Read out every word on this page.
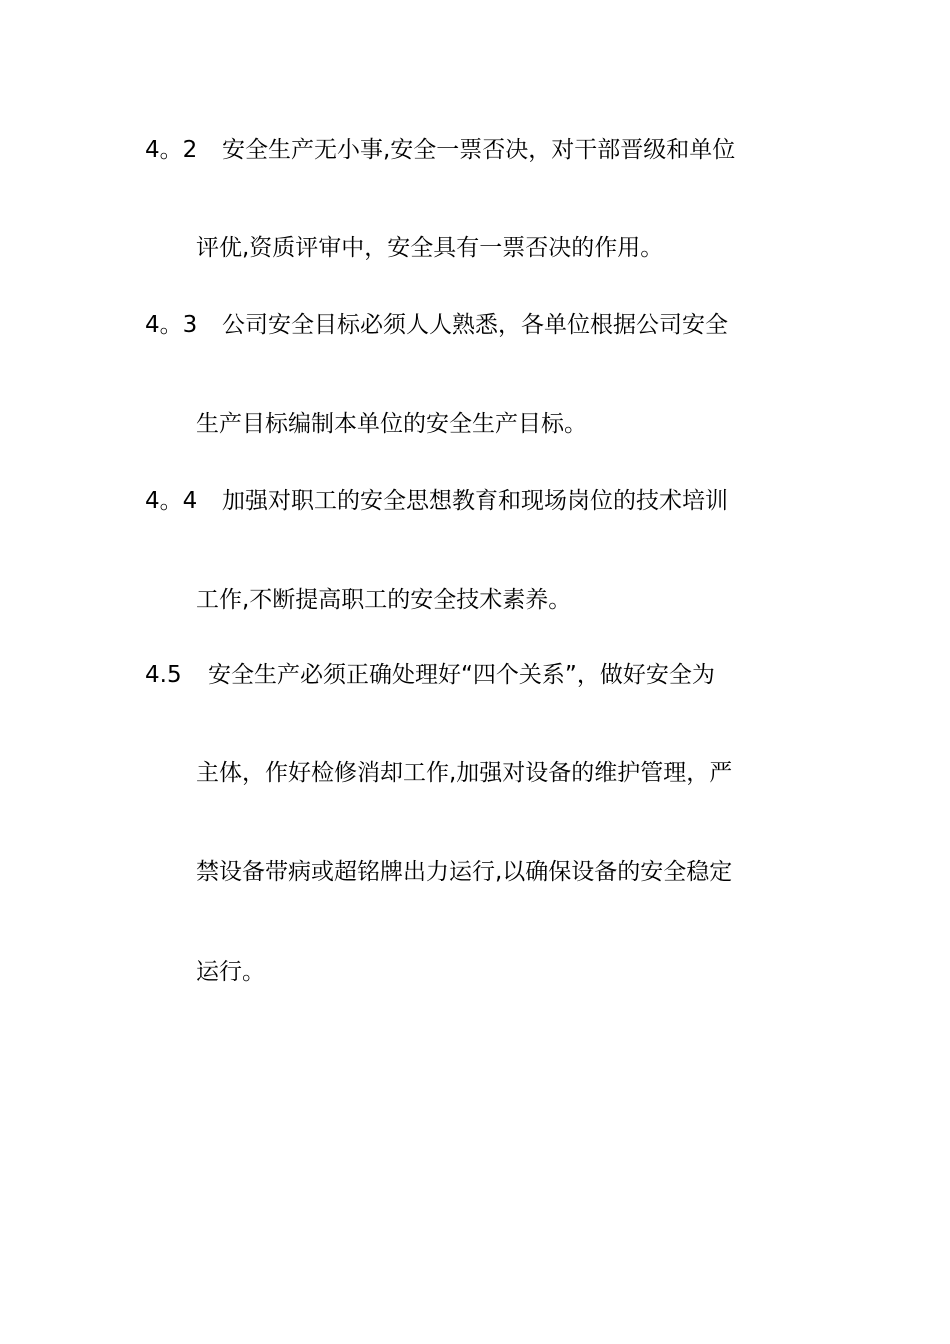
4。2 安全生产无小事,安全一票否决，对干部晋级和单位
评优,资质评审中，安全具有一票否决的作用。
4。3 公司安全目标必须人人熟悉，各单位根据公司安全
生产目标编制本单位的安全生产目标。
4。4 加强对职工的安全思想教育和现场岗位的技术培训
工作,不断提高职工的安全技术素养。
4.5 安全生产必须正确处理好“四个关系”，做好安全为
主体，作好检修消却工作,加强对设备的维护管理，严
禁设备带病或超铭牌出力运行,以确保设备的安全稳定
运行。
